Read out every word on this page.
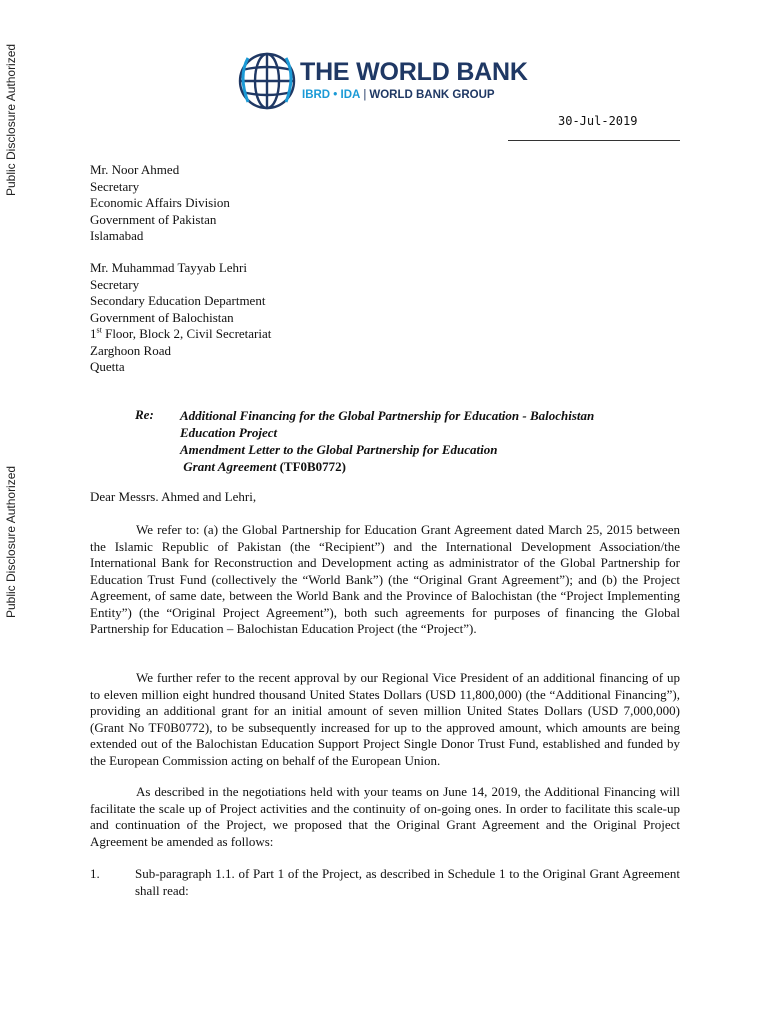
Public Disclosure Authorized
Public Disclosure Authorized
THE WORLD BANK
IBRD • IDA | WORLD BANK GROUP
30-Jul-2019
Mr. Noor Ahmed
Secretary
Economic Affairs Division
Government of Pakistan
Islamabad
Mr. Muhammad Tayyab Lehri
Secretary
Secondary Education Department
Government of Balochistan
1st Floor, Block 2, Civil Secretariat
Zarghoon Road
Quetta
Re: Additional Financing for the Global Partnership for Education - Balochistan
Education Project
Amendment Letter to the Global Partnership for Education
Grant Agreement (TF0B0772)
Dear Messrs. Ahmed and Lehri,

We refer to: (a) the Global Partnership for Education Grant Agreement dated March 25, 2015 between the Islamic Republic of Pakistan (the “Recipient”) and the International Development Association/the International Bank for Reconstruction and Development acting as administrator of the Global Partnership for Education Trust Fund (collectively the “World Bank”) (the “Original Grant Agreement”); and (b) the Project Agreement, of same date, between the World Bank and the Province of Balochistan (the “Project Implementing Entity”) (the “Original Project Agreement”), both such agreements for purposes of financing the Global Partnership for Education – Balochistan Education Project (the “Project”).

We further refer to the recent approval by our Regional Vice President of an additional financing of up to eleven million eight hundred thousand United States Dollars (USD 11,800,000) (the “Additional Financing”), providing an additional grant for an initial amount of seven million United States Dollars (USD 7,000,000) (Grant No TF0B0772), to be subsequently increased for up to the approved amount, which amounts are being extended out of the Balochistan Education Support Project Single Donor Trust Fund, established and funded by the European Commission acting on behalf of the European Union.

As described in the negotiations held with your teams on June 14, 2019, the Additional Financing will facilitate the scale up of Project activities and the continuity of on-going ones. In order to facilitate this scale-up and continuation of the Project, we proposed that the Original Grant Agreement and the Original Project Agreement be amended as follows:

1.	Sub-paragraph 1.1. of Part 1 of the Project, as described in Schedule 1 to the Original Grant Agreement shall read:
